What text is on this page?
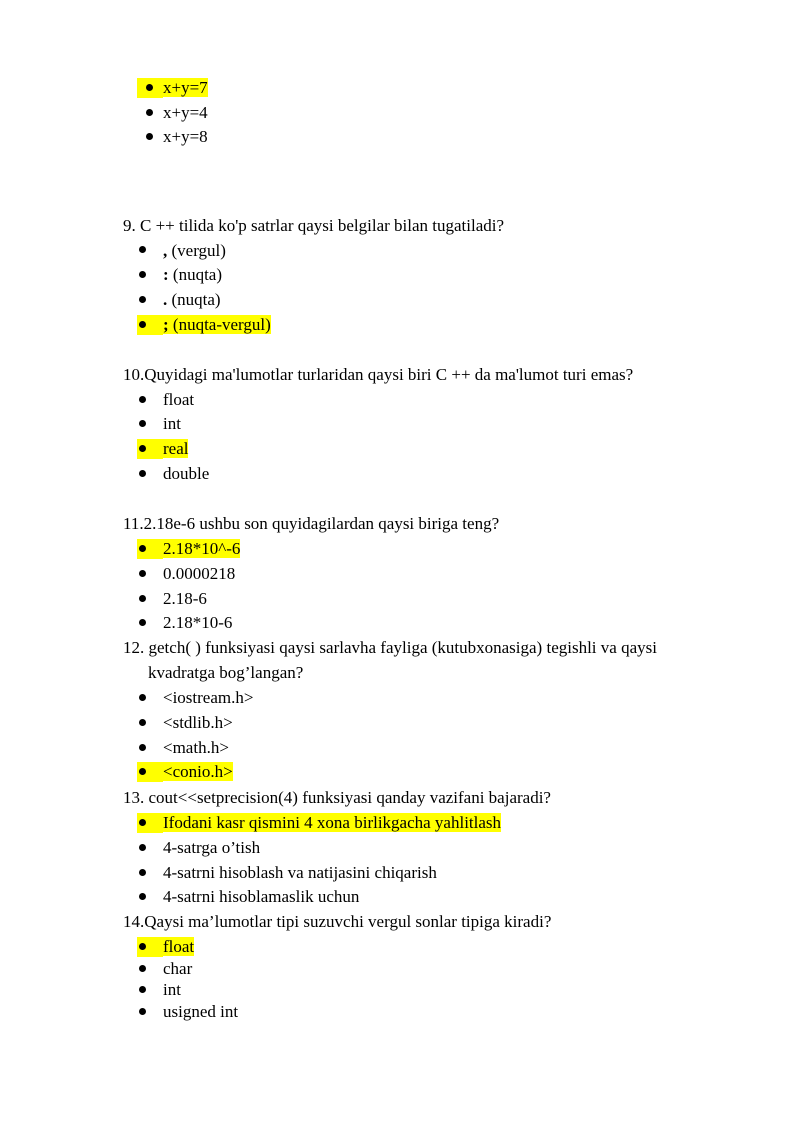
x+y=7
x+y=4
x+y=8
9. C ++ tilida ko'p satrlar qaysi belgilar bilan tugatiladi?
, (vergul)
: (nuqta)
. (nuqta)
; (nuqta-vergul)
10.Quyidagi ma'lumotlar turlaridan qaysi biri C ++ da ma'lumot turi emas?
float
int
real
double
11.2.18e-6 ushbu son quyidagilardan qaysi biriga teng?
2.18*10^-6
0.0000218
2.18-6
2.18*10-6
12. getch( ) funksiyasi qaysi sarlavha fayliga (kutubxonasiga) tegishli va qaysi
kvadratga bog’langan?
<iostream.h>
<stdlib.h>
<math.h>
<conio.h>
13. cout<<setprecision(4) funksiyasi qanday vazifani bajaradi?
Ifodani kasr qismini 4 xona birlikgacha yahlitlash
4-satrga o’tish
4-satrni hisoblash va natijasini chiqarish
4-satrni hisoblamaslik uchun
14.Qaysi ma’lumotlar tipi suzuvchi vergul sonlar tipiga kiradi?
float
char
int
usigned int
